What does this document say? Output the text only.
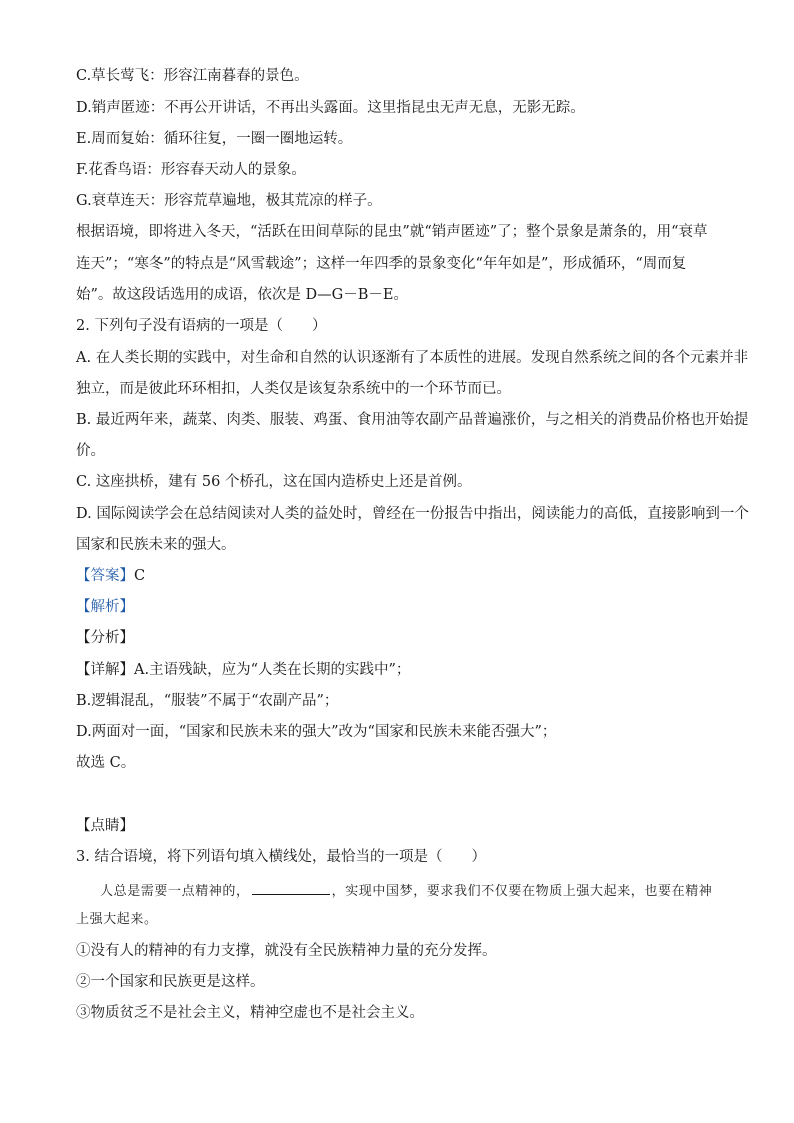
C.草长莺飞：形容江南暮春的景色。
D.销声匿迹：不再公开讲话，不再出头露面。这里指昆虫无声无息，无影无踪。
E.周而复始：循环往复，一圈一圈地运转。
F.花香鸟语：形容春天动人的景象。
G.衰草连天：形容荒草遍地，极其荒凉的样子。
根据语境，即将进入冬天，“活跃在田间草际的昆虫”就“销声匿迹”了；整个景象是萧条的，用“衰草
连天”；“寒冬”的特点是“风雪载途”；这样一年四季的景象变化“年年如是”，形成循环，“周而复
始”。故这段话选用的成语，依次是 D—G－B－E。
2. 下列句子没有语病的一项是（　　）
A. 在人类长期的实践中，对生命和自然的认识逐渐有了本质性的进展。发现自然系统之间的各个元素并非
独立，而是彼此环环相扣，人类仅是该复杂系统中的一个环节而已。
B. 最近两年来，蔬菜、肉类、服装、鸡蛋、食用油等农副产品普遍涨价，与之相关的消费品价格也开始提
价。
C. 这座拱桥，建有 56 个桥孔，这在国内造桥史上还是首例。
D. 国际阅读学会在总结阅读对人类的益处时，曾经在一份报告中指出，阅读能力的高低，直接影响到一个
国家和民族未来的强大。
【答案】C
【解析】
【分析】
【详解】A.主语残缺，应为“人类在长期的实践中”；
B.逻辑混乱，“服装”不属于“农副产品”；
D.两面对一面，“国家和民族未来的强大”改为“国家和民族未来能否强大”；
故选 C。
【点睛】
3. 结合语境，将下列语句填入横线处，最恰当的一项是（　　）
人总是需要一点精神的，	，实现中国梦，要求我们不仅要在物质上强大起来，也要在精神
上强大起来。
①没有人的精神的有力支撑，就没有全民族精神力量的充分发挥。
②一个国家和民族更是这样。
③物质贫乏不是社会主义，精神空虚也不是社会主义。
